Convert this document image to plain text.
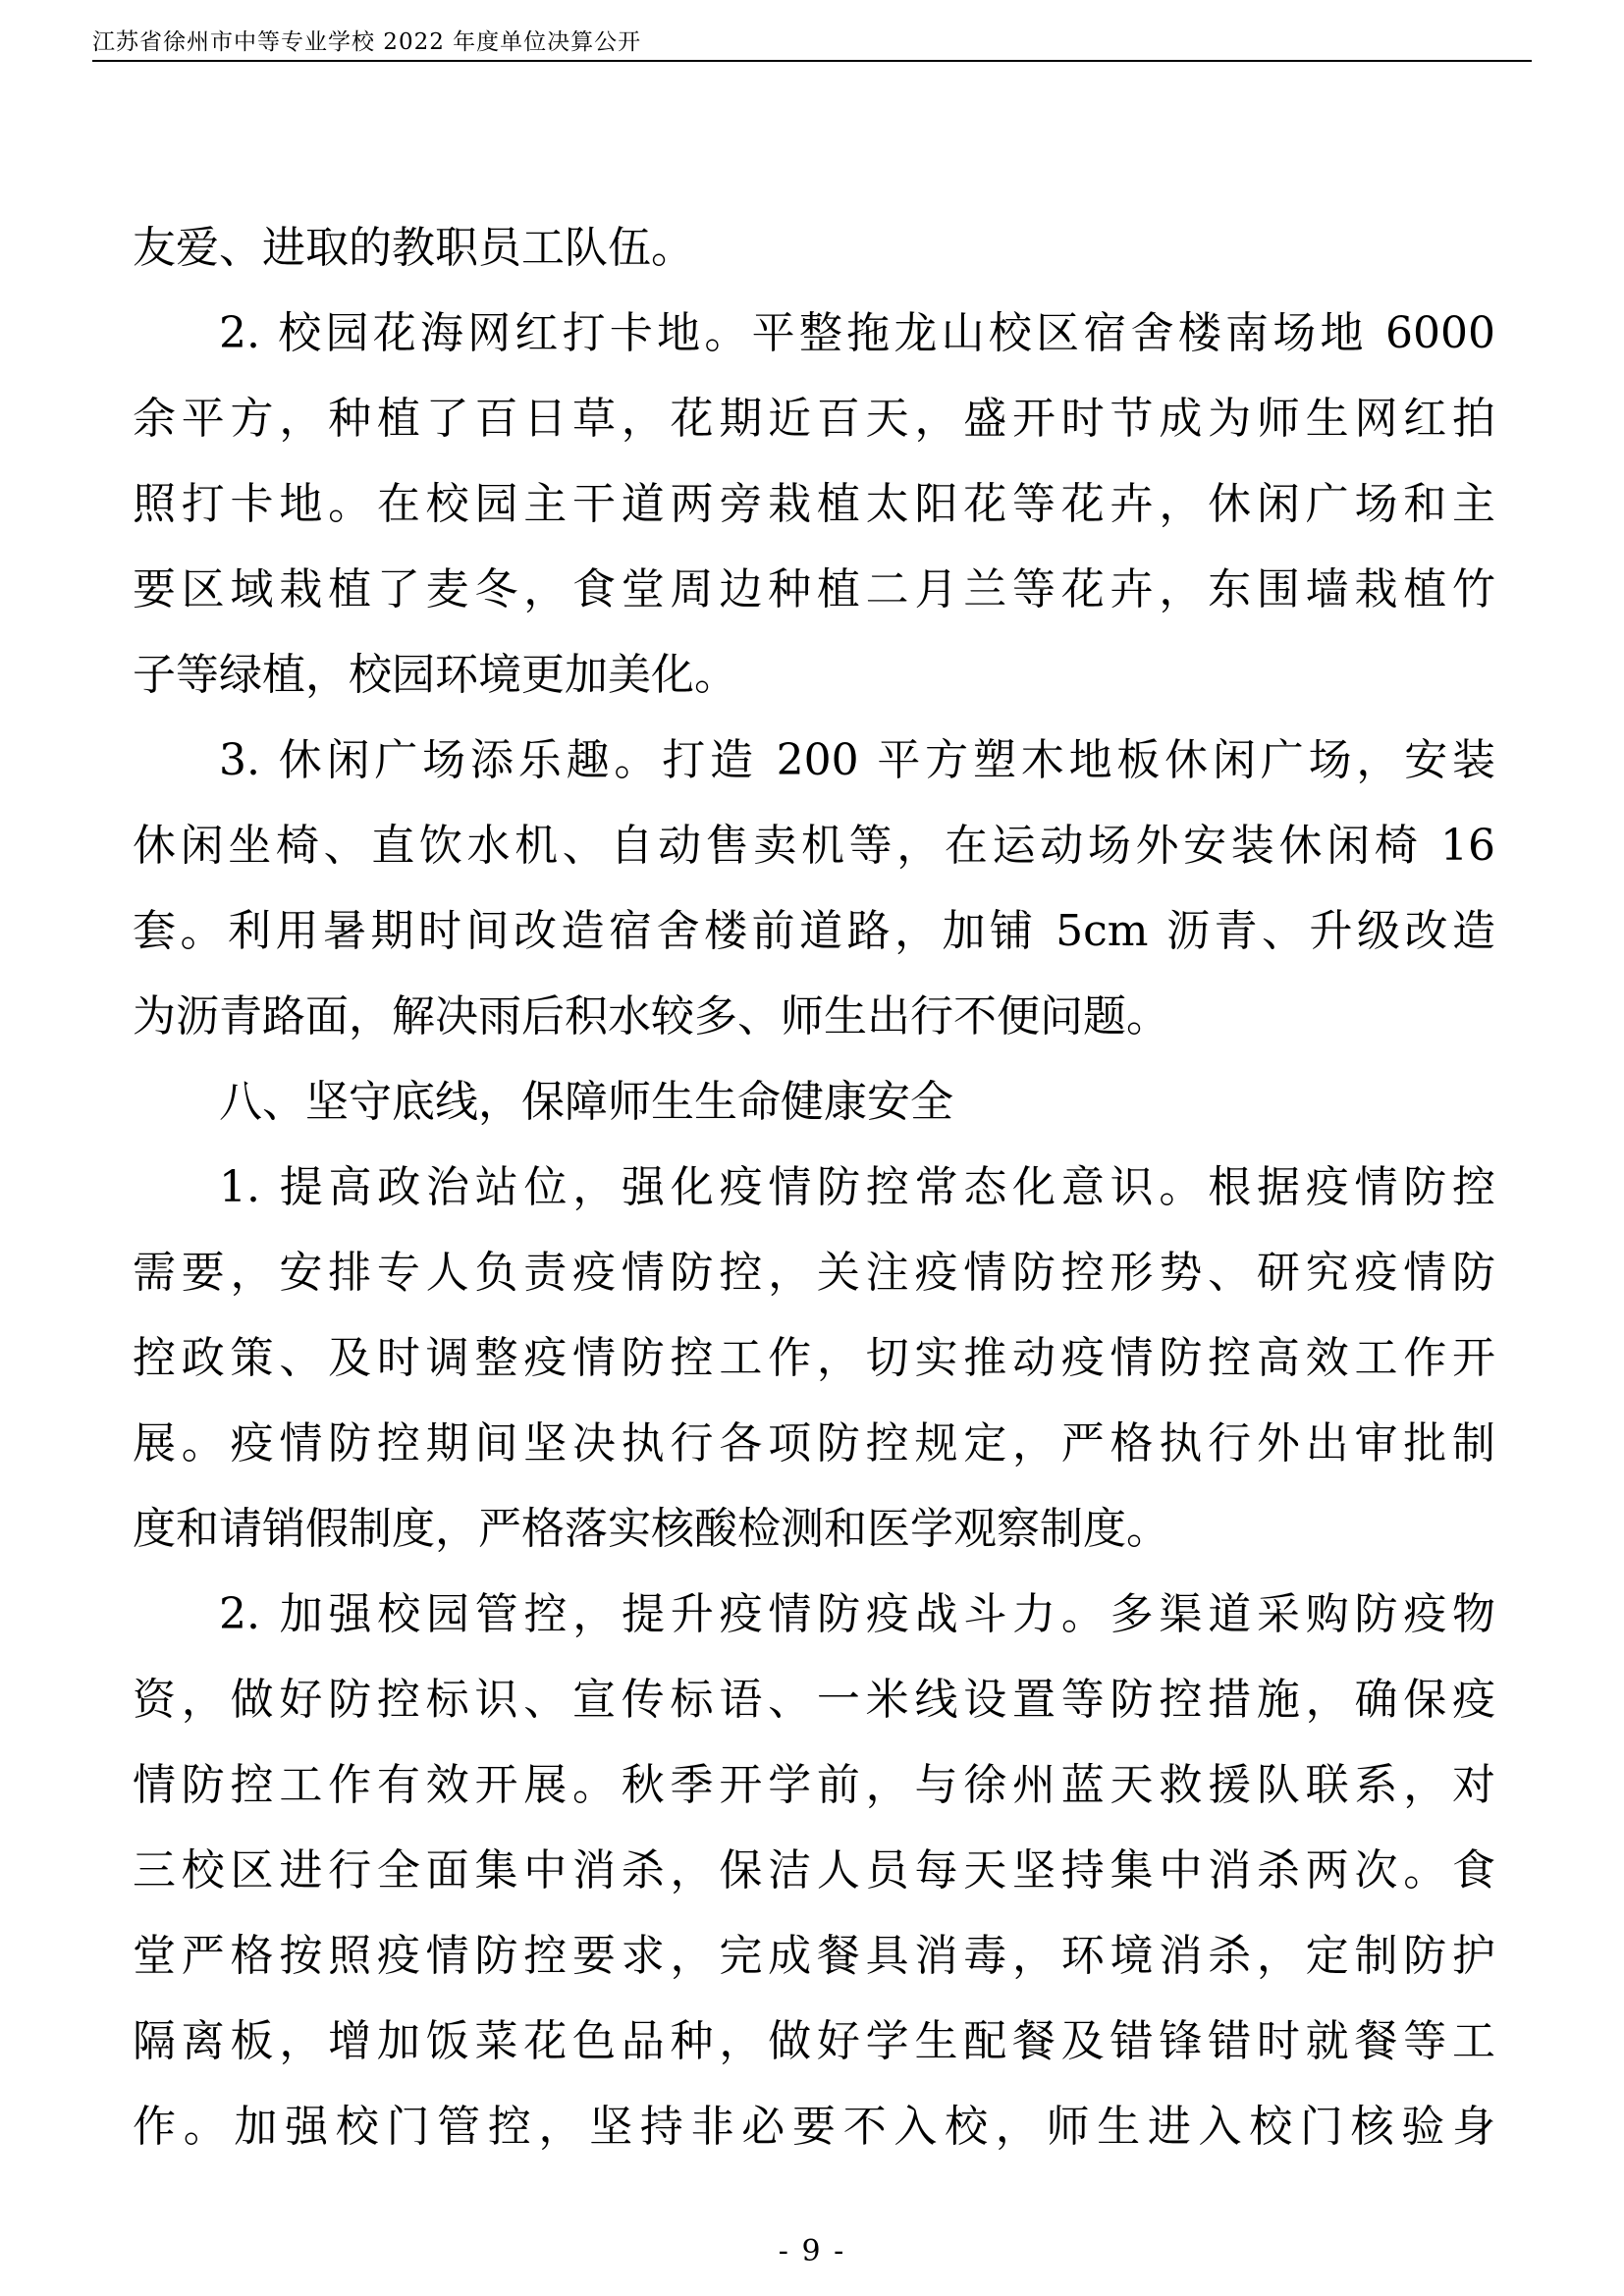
江苏省徐州市中等专业学校 2022 年度单位决算公开
友爱、进取的教职员工队伍。
2. 校园花海网红打卡地。平整拖龙山校区宿舍楼南场地 6000
余平方，种植了百日草，花期近百天，盛开时节成为师生网红拍
照打卡地。在校园主干道两旁栽植太阳花等花卉，休闲广场和主
要区域栽植了麦冬，食堂周边种植二月兰等花卉，东围墙栽植竹
子等绿植，校园环境更加美化。
3. 休闲广场添乐趣。打造 200 平方塑木地板休闲广场，安装
休闲坐椅、直饮水机、自动售卖机等，在运动场外安装休闲椅 16
套。利用暑期时间改造宿舍楼前道路，加铺 5cm 沥青、升级改造
为沥青路面，解决雨后积水较多、师生出行不便问题。
八、坚守底线，保障师生生命健康安全
1. 提高政治站位，强化疫情防控常态化意识。根据疫情防控
需要，安排专人负责疫情防控，关注疫情防控形势、研究疫情防
控政策、及时调整疫情防控工作，切实推动疫情防控高效工作开
展。疫情防控期间坚决执行各项防控规定，严格执行外出审批制
度和请销假制度，严格落实核酸检测和医学观察制度。
2. 加强校园管控，提升疫情防疫战斗力。多渠道采购防疫物
资，做好防控标识、宣传标语、一米线设置等防控措施，确保疫
情防控工作有效开展。秋季开学前，与徐州蓝天救援队联系，对
三校区进行全面集中消杀，保洁人员每天坚持集中消杀两次。食
堂严格按照疫情防控要求，完成餐具消毒，环境消杀，定制防护
隔离板，增加饭菜花色品种，做好学生配餐及错锋错时就餐等工
作。加强校门管控，坚持非必要不入校，师生进入校门核验身
- 9 -
